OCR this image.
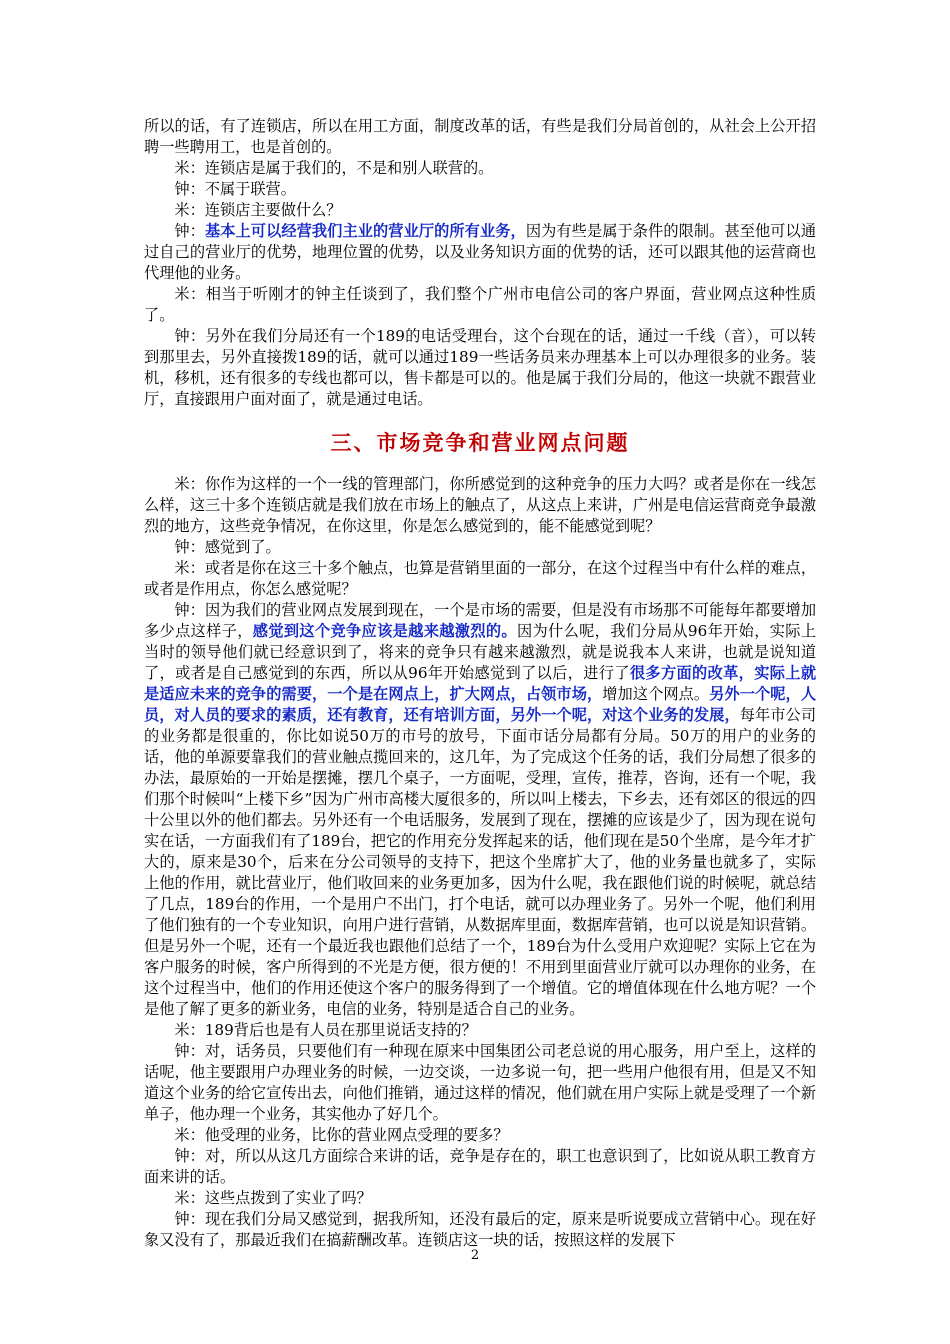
所以的话，有了连锁店，所以在用工方面，制度改革的话，有些是我们分局首创的，从社会上公开招聘一些聘用工，也是首创的。

米：连锁店是属于我们的，不是和别人联营的。

钟：不属于联营。

米：连锁店主要做什么？

钟：基本上可以经营我们主业的营业厅的所有业务，因为有些是属于条件的限制。甚至他可以通过自己的营业厅的优势，地理位置的优势，以及业务知识方面的优势的话，还可以跟其他的运营商也代理他的业务。

米：相当于听刚才的钟主任谈到了，我们整个广州市电信公司的客户界面，营业网点这种性质了。

钟：另外在我们分局还有一个189的电话受理台，这个台现在的话，通过一千线（音），可以转到那里去，另外直接拨189的话，就可以通过189一些话务员来办理基本上可以办理很多的业务。装机，移机，还有很多的专线也都可以，售卡都是可以的。他是属于我们分局的，他这一块就不跟营业厅，直接跟用户面对面了，就是通过电话。

三、市场竞争和营业网点问题

米：你作为这样的一个一线的管理部门，你所感觉到的这种竞争的压力大吗？或者是你在一线怎么样，这三十多个连锁店就是我们放在市场上的触点了，从这点上来讲，广州是电信运营商竞争最激烈的地方，这些竞争情况，在你这里，你是怎么感觉到的，能不能感觉到呢？

钟：感觉到了。

米：或者是你在这三十多个触点，也算是营销里面的一部分，在这个过程当中有什么样的难点，或者是作用点，你怎么感觉呢？

钟：因为我们的营业网点发展到现在，一个是市场的需要，但是没有市场那不可能每年都要增加多少点这样子，感觉到这个竞争应该是越来越激烈的。因为什么呢，我们分局从96年开始，实际上当时的领导他们就已经意识到了，将来的竞争只有越来越激烈，就是说我本人来讲，也就是说知道了，或者是自己感觉到的东西，所以从96年开始感觉到了以后，进行了很多方面的改革，实际上就是适应未来的竞争的需要，一个是在网点上，扩大网点，占领市场，增加这个网点。另外一个呢，人员，对人员的要求的素质，还有教育，还有培训方面，另外一个呢，对这个业务的发展，每年市公司的业务都是很重的，你比如说50万的市号的放号，下面市话分局都有分局。50万的用户的业务的话，他的单源要靠我们的营业触点揽回来的，这几年，为了完成这个任务的话，我们分局想了很多的办法，最原始的一开始是摆摊，摆几个桌子，一方面呢，受理，宣传，推荐，咨询，还有一个呢，我们那个时候叫“上楼下乡”因为广州市高楼大厦很多的，所以叫上楼去，下乡去，还有郊区的很远的四十公里以外的他们都去。另外还有一个电话服务，发展到了现在，摆摊的应该是少了，因为现在说句实在话，一方面我们有了189台，把它的作用充分发挥起来的话，他们现在是50个坐席，是今年才扩大的，原来是30个，后来在分公司领导的支持下，把这个坐席扩大了，他的业务量也就多了，实际上他的作用，就比营业厅，他们收回来的业务更加多，因为什么呢，我在跟他们说的时候呢，就总结了几点，189台的作用，一个是用户不出门，打个电话，就可以办理业务了。另外一个呢，他们利用了他们独有的一个专业知识，向用户进行营销，从数据库里面，数据库营销，也可以说是知识营销。但是另外一个呢，还有一个最近我也跟他们总结了一个，189台为什么受用户欢迎呢？实际上它在为客户服务的时候，客户所得到的不光是方便，很方便的！不用到里面营业厅就可以办理你的业务，在这个过程当中，他们的作用还使这个客户的服务得到了一个增值。它的增值体现在什么地方呢？一个是他了解了更多的新业务，电信的业务，特别是适合自己的业务。

米：189背后也是有人员在那里说话支持的？

钟：对，话务员，只要他们有一种现在原来中国集团公司老总说的用心服务，用户至上，这样的话呢，他主要跟用户办理业务的时候，一边交谈，一边多说一句，把一些用户他很有用，但是又不知道这个业务的给它宣传出去，向他们推销，通过这样的情况，他们就在用户实际上就是受理了一个新单子，他办理一个业务，其实他办了好几个。

米：他受理的业务，比你的营业网点受理的要多？

钟：对，所以从这几方面综合来讲的话，竞争是存在的，职工也意识到了，比如说从职工教育方面来讲的话。

米：这些点拨到了实业了吗？

钟：现在我们分局又感觉到，据我所知，还没有最后的定，原来是听说要成立营销中心。现在好象又没有了，那最近我们在搞薪酬改革。连锁店这一块的话，按照这样的发展下

2
